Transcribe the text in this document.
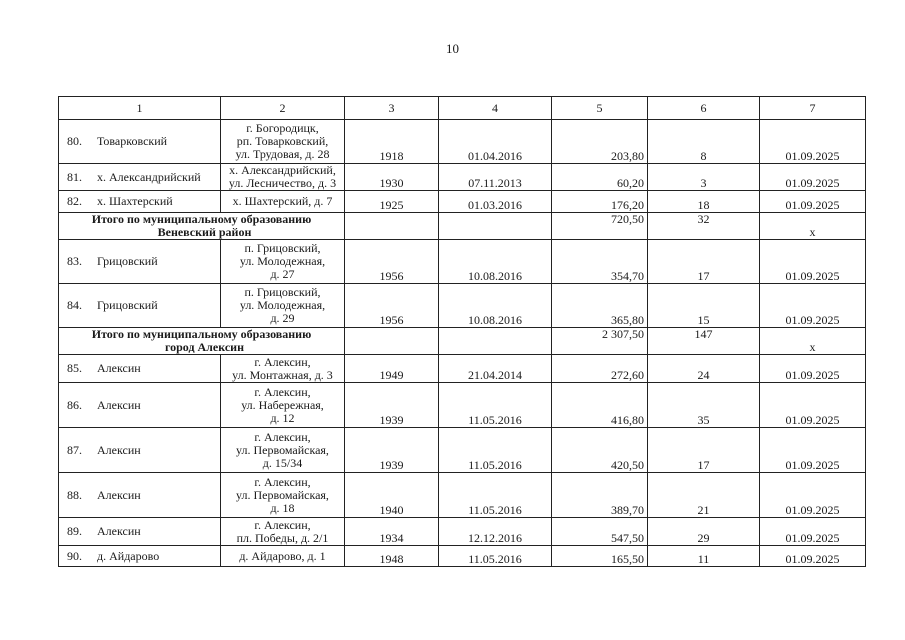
10
1	2	3	4	5	6	7
80. Товарковский	г. Богородицк,
рп. Товарковский,
ул. Трудовая, д. 28	1918	01.04.2016	203,80	8	01.09.2025
81. х. Александрийский	х. Александрийский,
ул. Лесничество, д. 3	1930	07.11.2013	60,20	3	01.09.2025
82. х. Шахтерский	х. Шахтерский, д. 7	1925	01.03.2016	176,20	18	01.09.2025

Итого по муниципальному образованию
Веневский район				720,50	32	х
83. Грицовский	п. Грицовский,
ул. Молодежная,
д. 27	1956	10.08.2016	354,70	17	01.09.2025
84. Грицовский	п. Грицовский,
ул. Молодежная,
д. 29	1956	10.08.2016	365,80	15	01.09.2025

Итого по муниципальному образованию
город Алексин				2 307,50	147	х
85. Алексин	г. Алексин,
ул. Монтажная, д. 3	1949	21.04.2014	272,60	24	01.09.2025
86. Алексин	г. Алексин,
ул. Набережная,
д. 12	1939	11.05.2016	416,80	35	01.09.2025
87. Алексин	г. Алексин,
ул. Первомайская,
д. 15/34	1939	11.05.2016	420,50	17	01.09.2025
88. Алексин	г. Алексин,
ул. Первомайская,
д. 18	1940	11.05.2016	389,70	21	01.09.2025
89. Алексин	г. Алексин,
пл. Победы, д. 2/1	1934	12.12.2016	547,50	29	01.09.2025
90. д. Айдарово	д. Айдарово, д. 1	1948	11.05.2016	165,50	11	01.09.2025
